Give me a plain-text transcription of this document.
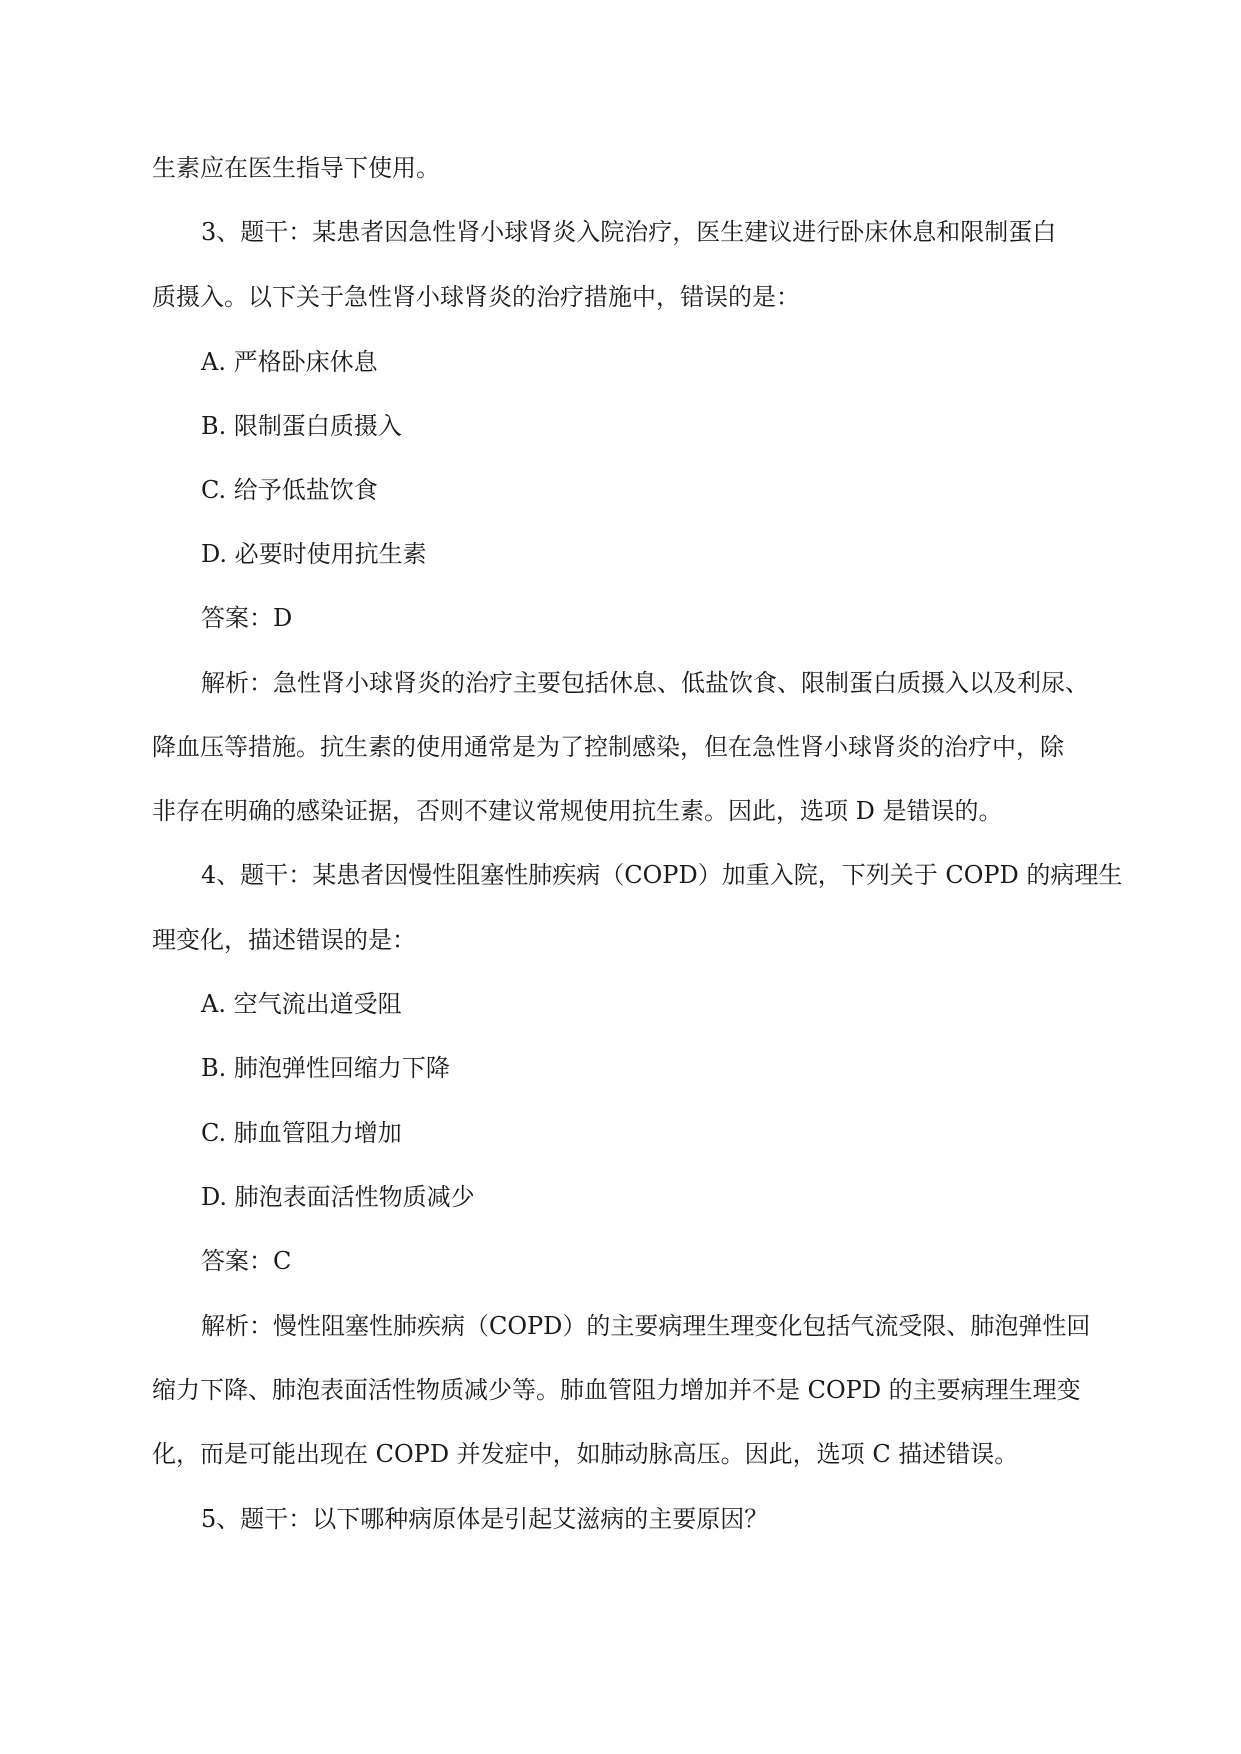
生素应在医生指导下使用。
3、题干：某患者因急性肾小球肾炎入院治疗，医生建议进行卧床休息和限制蛋白
质摄入。以下关于急性肾小球肾炎的治疗措施中，错误的是：
A. 严格卧床休息
B. 限制蛋白质摄入
C. 给予低盐饮食
D. 必要时使用抗生素
答案：D
解析：急性肾小球肾炎的治疗主要包括休息、低盐饮食、限制蛋白质摄入以及利尿、
降血压等措施。抗生素的使用通常是为了控制感染，但在急性肾小球肾炎的治疗中，除
非存在明确的感染证据，否则不建议常规使用抗生素。因此，选项 D 是错误的。
4、题干：某患者因慢性阻塞性肺疾病（COPD）加重入院，下列关于 COPD 的病理生
理变化，描述错误的是：
A. 空气流出道受阻
B. 肺泡弹性回缩力下降
C. 肺血管阻力增加
D. 肺泡表面活性物质减少
答案：C
解析：慢性阻塞性肺疾病（COPD）的主要病理生理变化包括气流受限、肺泡弹性回
缩力下降、肺泡表面活性物质减少等。肺血管阻力增加并不是 COPD 的主要病理生理变
化，而是可能出现在 COPD 并发症中，如肺动脉高压。因此，选项 C 描述错误。
5、题干：以下哪种病原体是引起艾滋病的主要原因？
